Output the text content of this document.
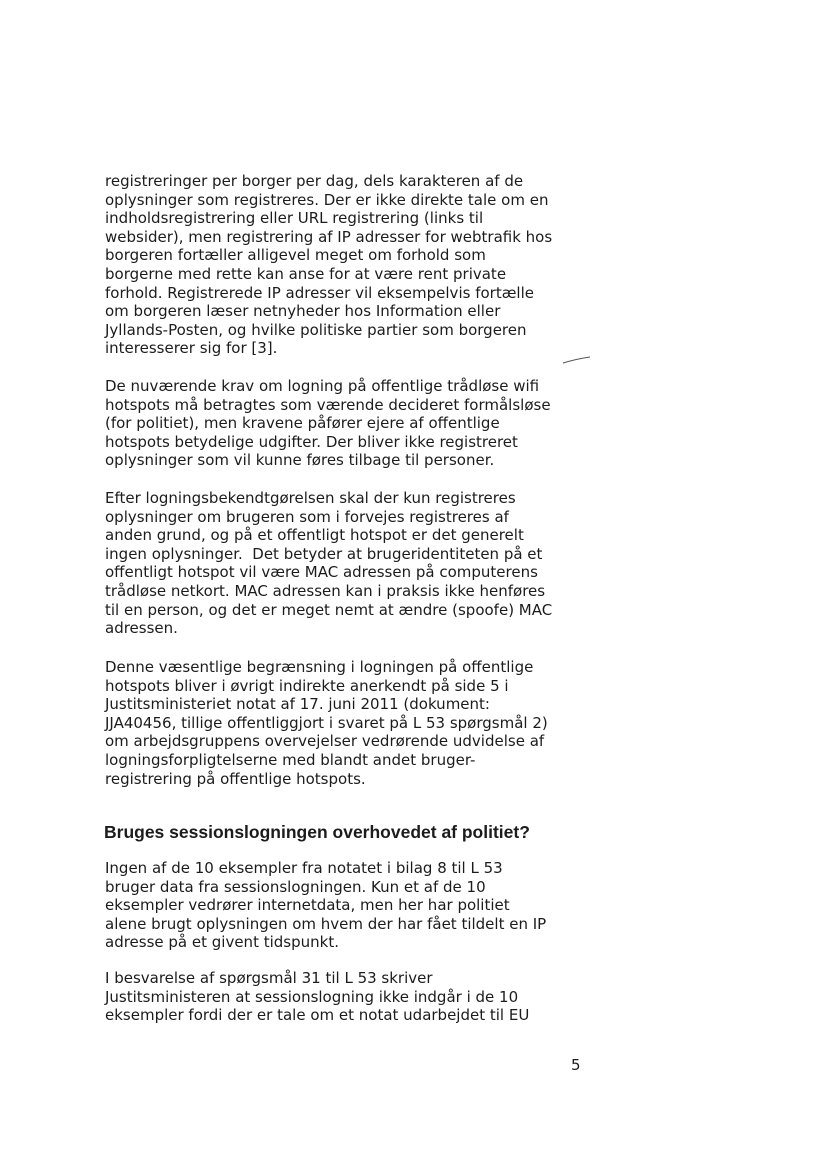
registreringer per borger per dag, dels karakteren af de
oplysninger som registreres. Der er ikke direkte tale om en
indholdsregistrering eller URL registrering (links til
websider), men registrering af IP adresser for webtrafik hos
borgeren fortæller alligevel meget om forhold som
borgerne med rette kan anse for at være rent private
forhold. Registrerede IP adresser vil eksempelvis fortælle
om borgeren læser netnyheder hos Information eller
Jyllands-Posten, og hvilke politiske partier som borgeren
interesserer sig for [3].

De nuværende krav om logning på offentlige trådløse wifi
hotspots må betragtes som værende decideret formålsløse
(for politiet), men kravene påfører ejere af offentlige
hotspots betydelige udgifter. Der bliver ikke registreret
oplysninger som vil kunne føres tilbage til personer.

Efter logningsbekendtgørelsen skal der kun registreres
oplysninger om brugeren som i forvejes registreres af
anden grund, og på et offentligt hotspot er det generelt
ingen oplysninger.  Det betyder at brugeridentiteten på et
offentligt hotspot vil være MAC adressen på computerens
trådløse netkort. MAC adressen kan i praksis ikke henføres
til en person, og det er meget nemt at ændre (spoofe) MAC
adressen.

Denne væsentlige begrænsning i logningen på offentlige
hotspots bliver i øvrigt indirekte anerkendt på side 5 i
Justitsministeriet notat af 17. juni 2011 (dokument:
JJA40456, tillige offentliggjort i svaret på L 53 spørgsmål 2)
om arbejdsgruppens overvejelser vedrørende udvidelse af
logningsforpligtelserne med blandt andet bruger-
registrering på offentlige hotspots.

Bruges sessionslogningen overhovedet af politiet?

Ingen af de 10 eksempler fra notatet i bilag 8 til L 53
bruger data fra sessionslogningen. Kun et af de 10
eksempler vedrører internetdata, men her har politiet
alene brugt oplysningen om hvem der har fået tildelt en IP
adresse på et givent tidspunkt.

I besvarelse af spørgsmål 31 til L 53 skriver
Justitsministeren at sessionslogning ikke indgår i de 10
eksempler fordi der er tale om et notat udarbejdet til EU

5
